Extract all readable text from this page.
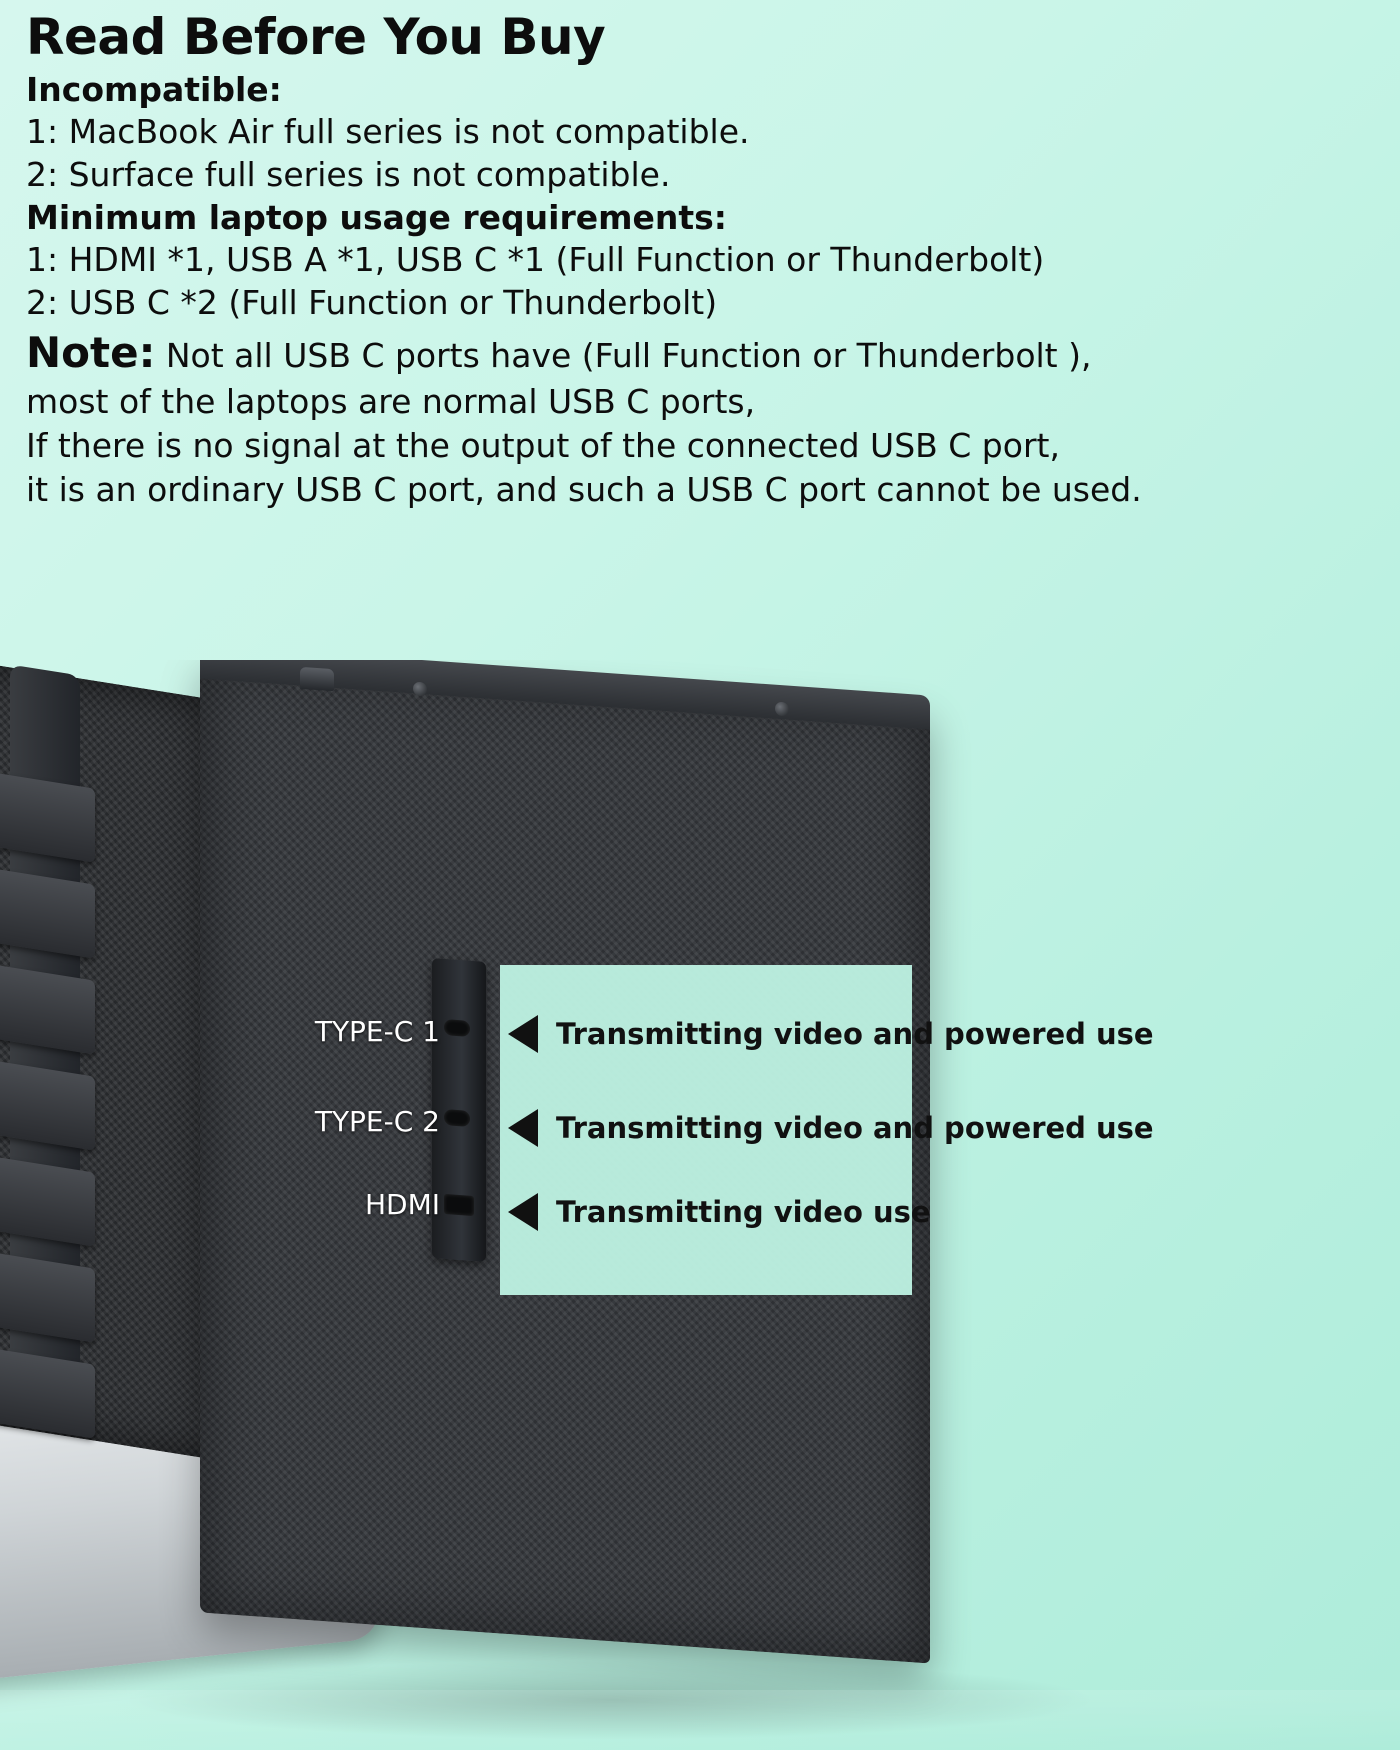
Read Before You Buy

Incompatible:

1: MacBook Air full series is not compatible.

2: Surface full series is not compatible.

Minimum laptop usage requirements:

1: HDMI *1, USB A *1, USB C *1 (Full Function or Thunderbolt)

2: USB C *2 (Full Function or Thunderbolt)

Note: Not all USB C ports have (Full Function or Thunderbolt ),

most of the laptops are normal USB C ports,

If there is no signal at the output of the connected USB C port,

it is an ordinary USB C port, and such a USB C port cannot be used.

TYPE-C 1
TYPE-C 2
HDMI
Transmitting video and powered use
Transmitting video and powered use
Transmitting video use
